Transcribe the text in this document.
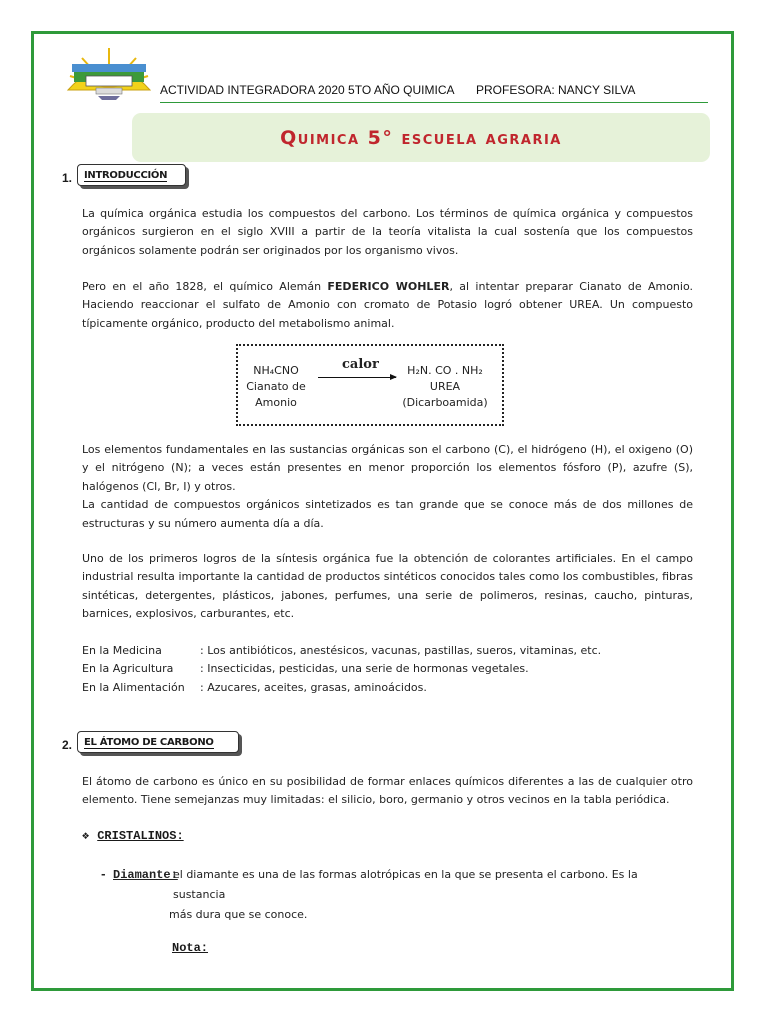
ACTIVIDAD INTEGRADORA 2020 5TO AÑO QUIMICA PROFESORA: NANCY SILVA
Quimica 5° escuela agraria
1.	INTRODUCCIÓN
La química orgánica estudia los compuestos del carbono. Los términos de química orgánica y compuestos orgánicos surgieron en el siglo XVIII a partir de la teoría vitalista la cual sostenía que los compuestos orgánicos solamente podrán ser originados por los organismo vivos.
Pero en el año 1828, el químico Alemán FEDERICO WOHLER, al intentar preparar Cianato de Amonio. Haciendo reaccionar el sulfato de Amonio con cromato de Potasio logró obtener UREA. Un compuesto típicamente orgánico, producto del metabolismo animal.
NH₄CNO
Cianato de
Amonio
calor	H₂N. CO . NH₂
UREA
(Dicarboamida)
Los elementos fundamentales en las sustancias orgánicas son el carbono (C), el hidrógeno (H), el oxigeno (O) y el nitrógeno (N); a veces están presentes en menor proporción los elementos fósforo (P), azufre (S), halógenos (Cl, Br, I) y otros.
La cantidad de compuestos orgánicos sintetizados es tan grande que se conoce más de dos millones de estructuras y su número aumenta día a día.
Uno de los primeros logros de la síntesis orgánica fue la obtención de colorantes artificiales. En el campo industrial resulta importante la cantidad de productos sintéticos conocidos tales como los combustibles, fibras sintéticas, detergentes, plásticos, jabones, perfumes, una serie de polimeros, resinas, caucho, pinturas, barnices, explosivos, carburantes, etc.
En la Medicina	: Los antibióticos, anestésicos, vacunas, pastillas, sueros, vitaminas, etc.
En la Agricultura : Insecticidas, pesticidas, una serie de hormonas vegetales.
En la Alimentación : Azucares, aceites, grasas, aminoácidos.
2.	EL ÁTOMO DE CARBONO
El átomo de carbono es único en su posibilidad de formar enlaces químicos diferentes a las de cualquier otro elemento. Tiene semejanzas muy limitadas: el silicio, boro, germanio y otros vecinos en la tabla periódica.
❖ CRISTALINOS:
- Diamante:
el diamante es una de las formas alotrópicas en la que se presenta el carbono. Es la sustancia
más dura que se conoce.
Nota:
